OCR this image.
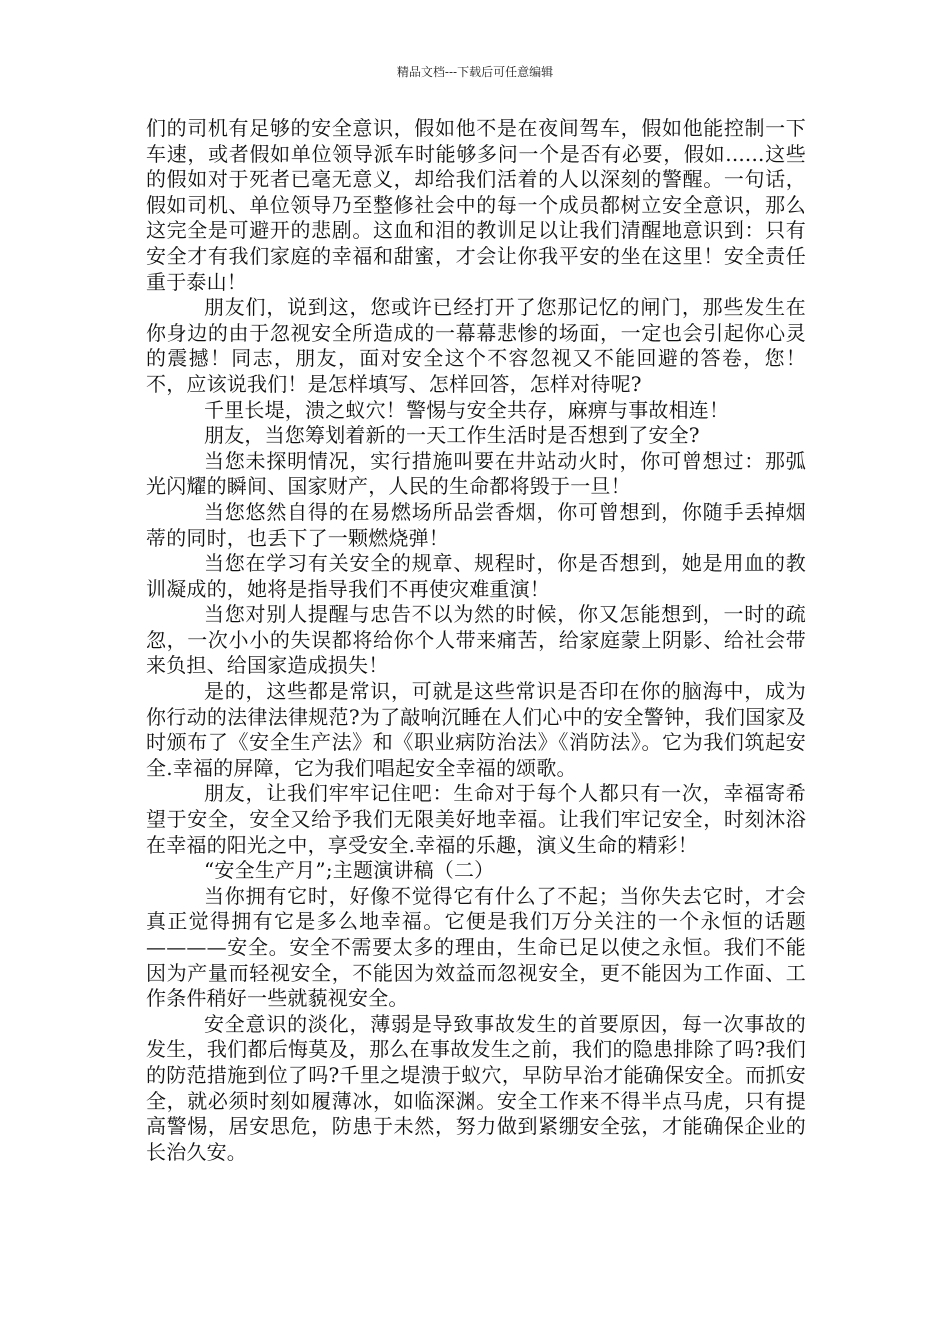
精品文档---下载后可任意编辑

们的司机有足够的安全意识，假如他不是在夜间驾车，假如他能控制一下车速，或者假如单位领导派车时能够多问一个是否有必要，假如......这些的假如对于死者已毫无意义，却给我们活着的人以深刻的警醒。一句话，假如司机、单位领导乃至整修社会中的每一个成员都树立安全意识，那么这完全是可避开的悲剧。这血和泪的教训足以让我们清醒地意识到：只有安全才有我们家庭的幸福和甜蜜，才会让你我平安的坐在这里！安全责任重于泰山！

朋友们，说到这，您或许已经打开了您那记忆的闸门，那些发生在你身边的由于忽视安全所造成的一幕幕悲惨的场面，一定也会引起你心灵的震撼！同志，朋友，面对安全这个不容忽视又不能回避的答卷，您！不，应该说我们！是怎样填写、怎样回答，怎样对待呢?

千里长堤，溃之蚁穴！警惕与安全共存，麻痹与事故相连！

朋友，当您筹划着新的一天工作生活时是否想到了安全?

当您未探明情况，实行措施叫要在井站动火时，你可曾想过：那弧光闪耀的瞬间、国家财产，人民的生命都将毁于一旦！

当您悠然自得的在易燃场所品尝香烟，你可曾想到，你随手丢掉烟蒂的同时，也丢下了一颗燃烧弹！

当您在学习有关安全的规章、规程时，你是否想到，她是用血的教训凝成的，她将是指导我们不再使灾难重演！

当您对别人提醒与忠告不以为然的时候，你又怎能想到，一时的疏忽，一次小小的失误都将给你个人带来痛苦，给家庭蒙上阴影、给社会带来负担、给国家造成损失！

是的，这些都是常识，可就是这些常识是否印在你的脑海中，成为你行动的法律法律规范?为了敲响沉睡在人们心中的安全警钟，我们国家及时颁布了《安全生产法》和《职业病防治法》《消防法》。它为我们筑起安全.幸福的屏障，它为我们唱起安全幸福的颂歌。

朋友，让我们牢牢记住吧：生命对于每个人都只有一次，幸福寄希望于安全，安全又给予我们无限美好地幸福。让我们牢记安全，时刻沐浴在幸福的阳光之中，享受安全.幸福的乐趣，演义生命的精彩！

“安全生产月”;主题演讲稿（二）

当你拥有它时，好像不觉得它有什么了不起；当你失去它时，才会真正觉得拥有它是多么地幸福。它便是我们万分关注的一个永恒的话题————安全。安全不需要太多的理由，生命已足以使之永恒。我们不能因为产量而轻视安全，不能因为效益而忽视安全，更不能因为工作面、工作条件稍好一些就藐视安全。

安全意识的淡化，薄弱是导致事故发生的首要原因，每一次事故的发生，我们都后悔莫及，那么在事故发生之前，我们的隐患排除了吗?我们的防范措施到位了吗?千里之堤溃于蚁穴，早防早治才能确保安全。而抓安全，就必须时刻如履薄冰，如临深渊。安全工作来不得半点马虎，只有提高警惕，居安思危，防患于未然，努力做到紧绷安全弦，才能确保企业的长治久安。
